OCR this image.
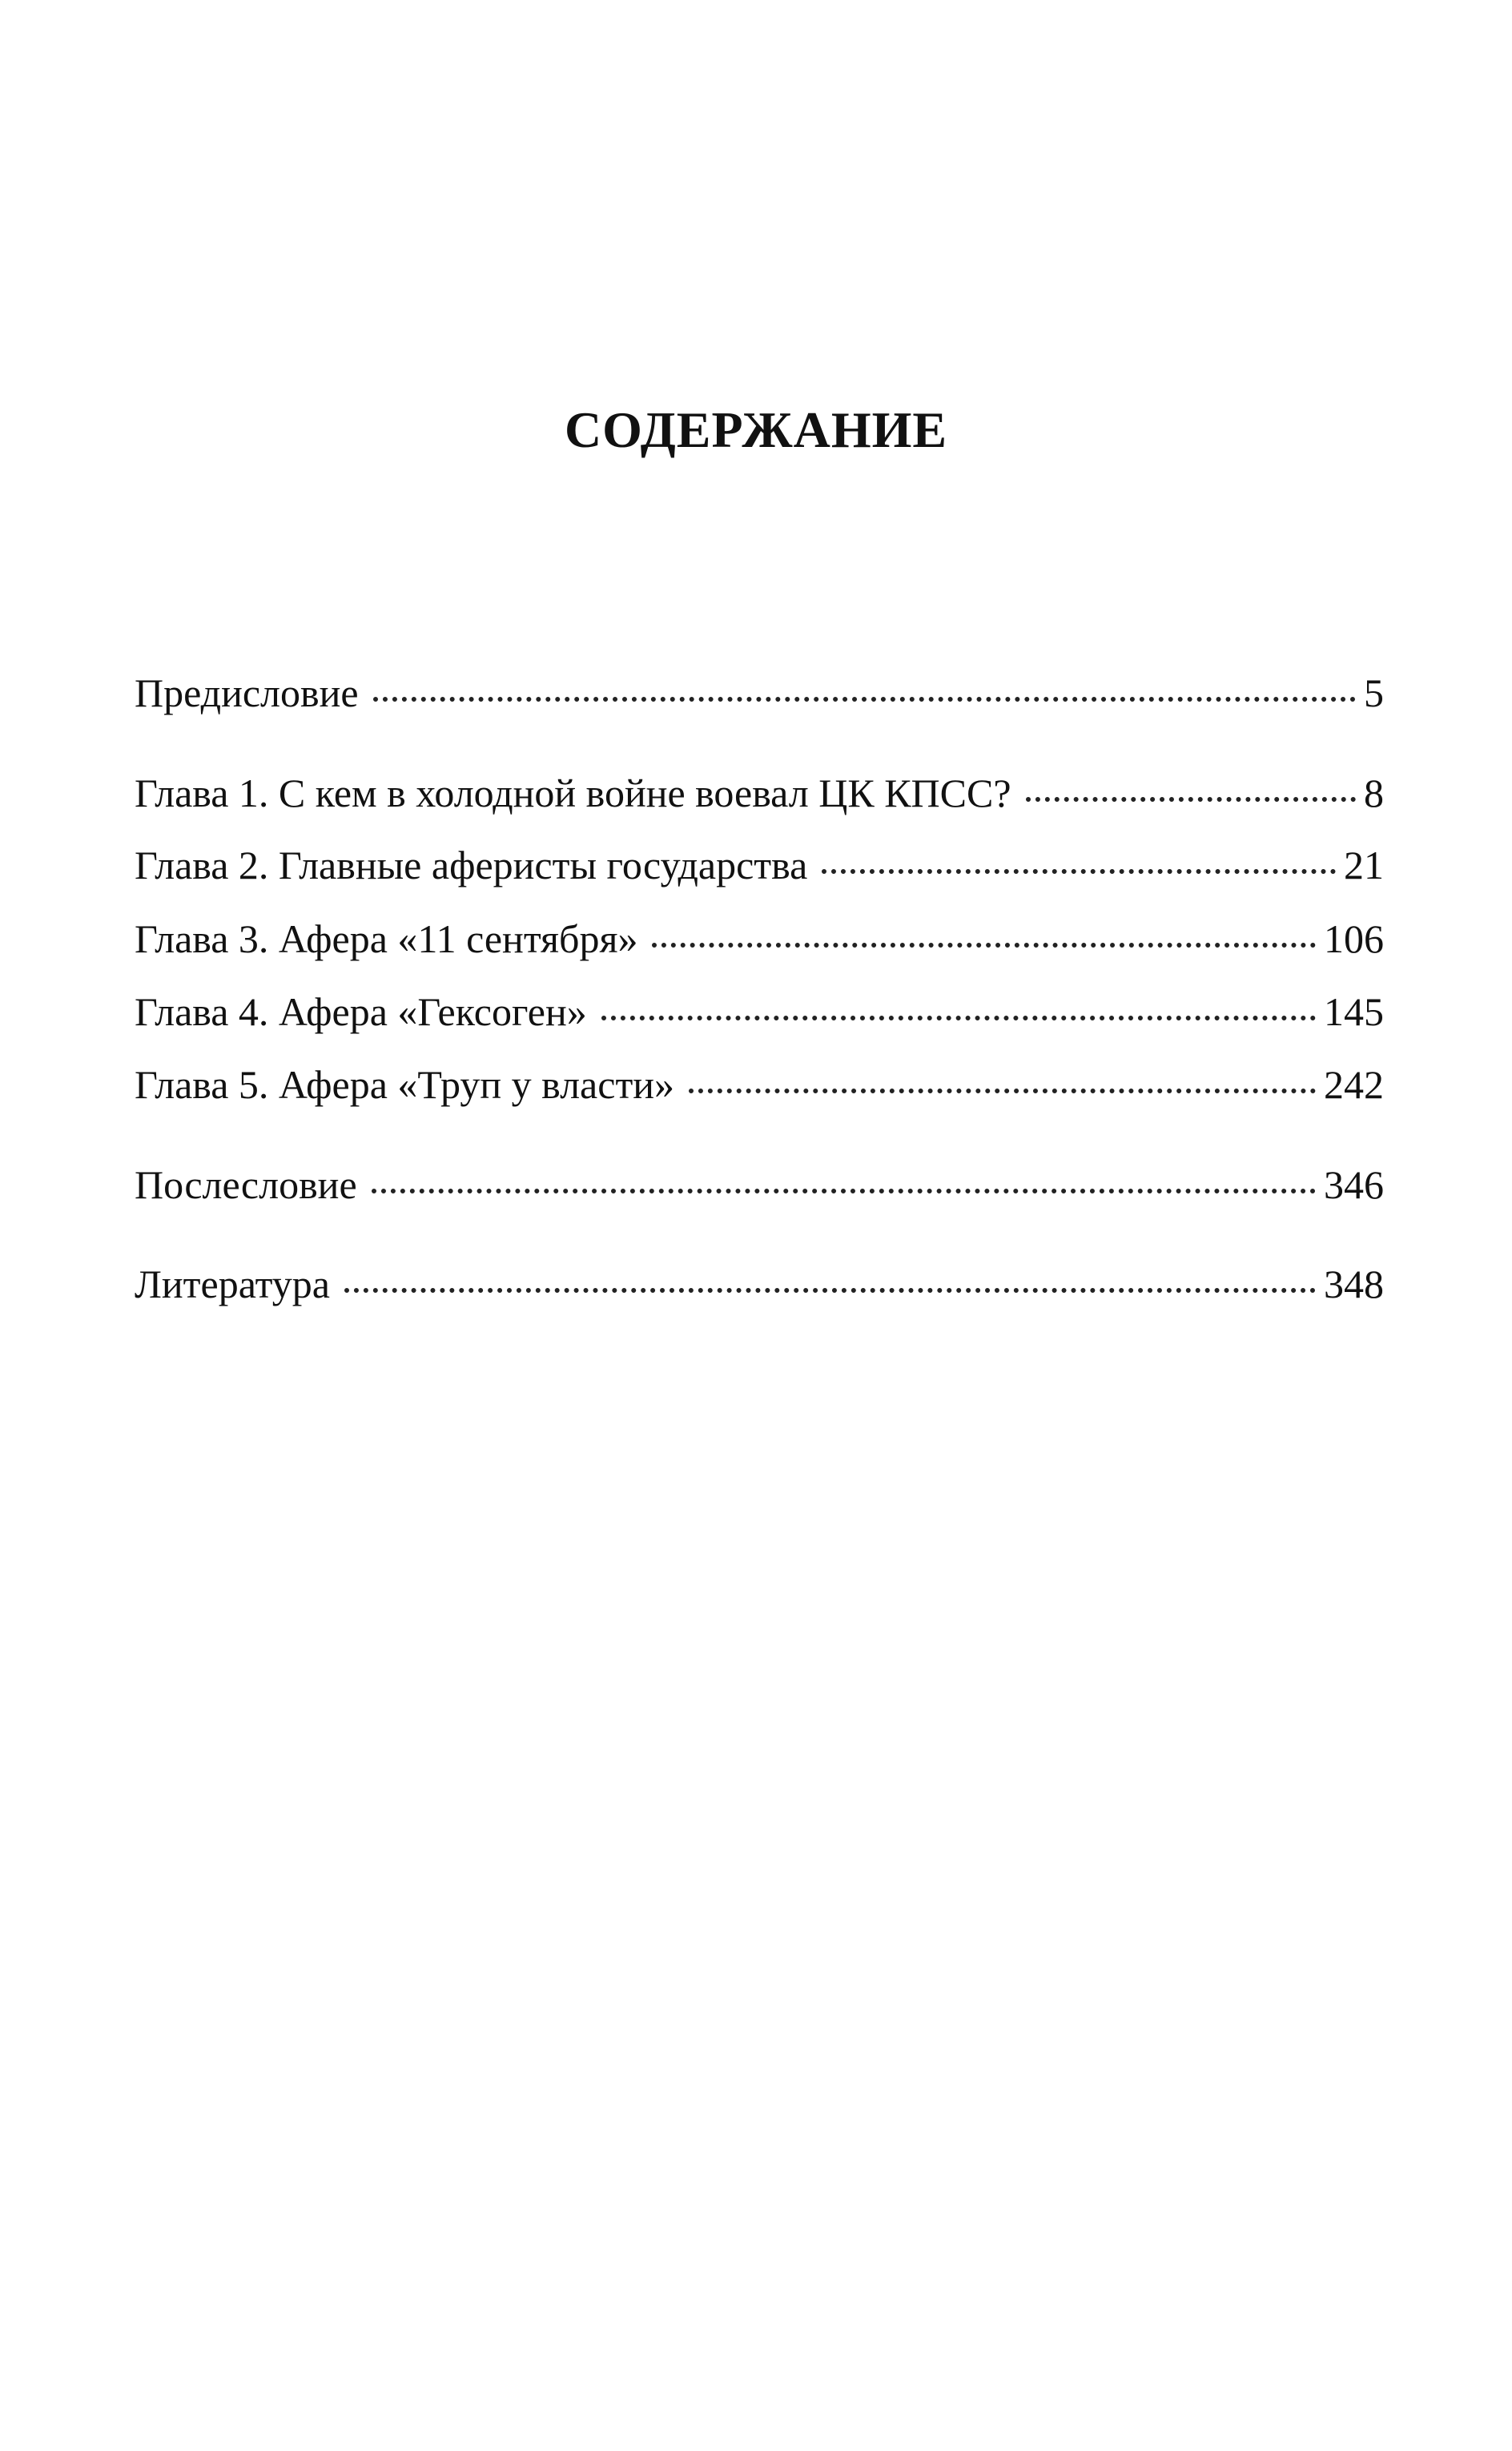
СОДЕРЖАНИЕ
Предисловие	5
Глава 1. С кем в холодной войне воевал ЦК КПСС?	8
Глава 2. Главные аферисты государства	21
Глава 3. Афера «11 сентября»	106
Глава 4. Афера «Гексоген»	145
Глава 5. Афера «Труп у власти»	242
Послесловие	346
Литература	348
